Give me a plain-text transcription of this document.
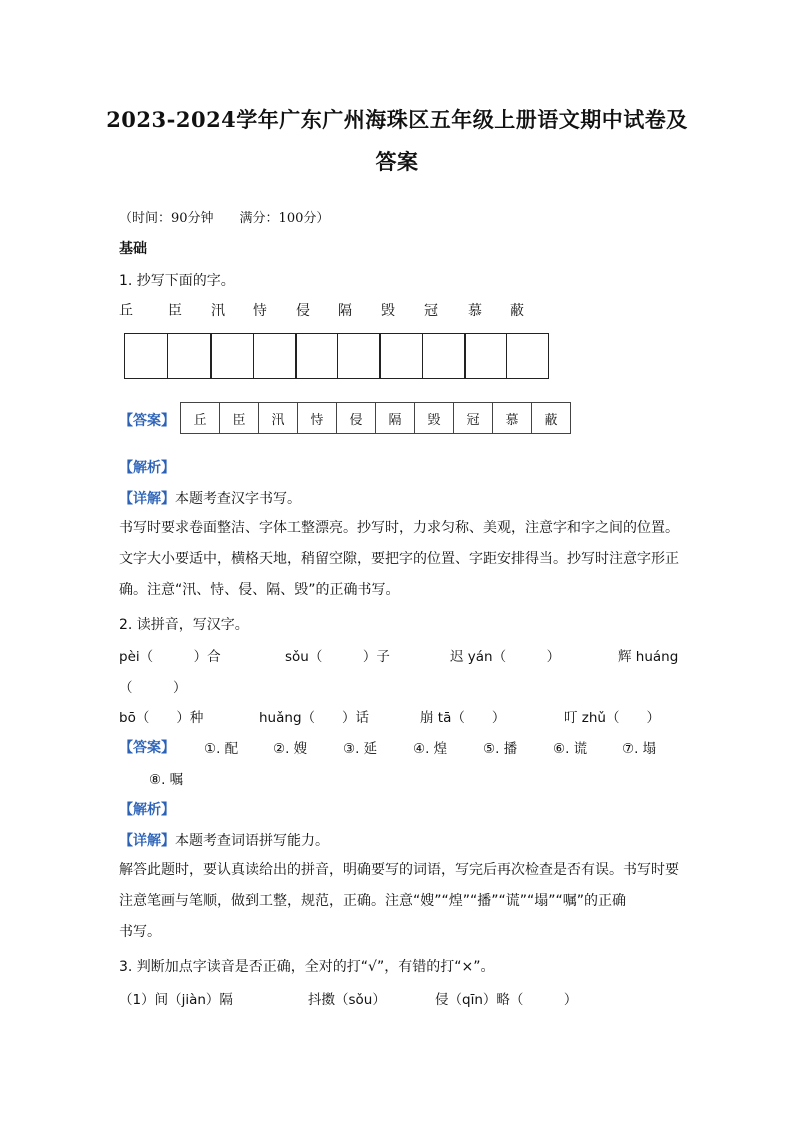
2023-2024学年广东广州海珠区五年级上册语文期中试卷及
答案
（时间：90分钟　　满分：100分）
基础
1. 抄写下面的字。
丘	臣 汛 恃 侵 隔 毁 冠 慕 蔽
【答案】	丘	臣	汛	恃	侵	隔	毁	冠	慕	蔽
【解析】
【详解】本题考查汉字书写。
书写时要求卷面整洁、字体工整漂亮。抄写时，力求匀称、美观，注意字和字之间的位置。
文字大小要适中，横格天地，稍留空隙，要把字的位置、字距安排得当。抄写时注意字形正
确。注意“汛、恃、侵、隔、毁”的正确书写。
2. 读拼音，写汉字。
pèi（　　　）合	sǒu（　　　）子	迟 yán（　　　）	辉 huáng
（　　　）
bō（　　）种	huǎng（　　）话	崩 tā（　　）	叮 zhǔ（　　）
【答案】 ①. 配	②. 嫂	③. 延	④. 煌	⑤. 播	⑥. 谎	⑦. 塌
⑧. 嘱
【解析】
【详解】本题考查词语拼写能力。
解答此题时，要认真读给出的拼音，明确要写的词语，写完后再次检查是否有误。书写时要
注意笔画与笔顺，做到工整，规范，正确。注意“嫂”“煌”“播”“谎”“塌”“嘱”的正确
书写。
3. 判断加点字读音是否正确，全对的打“√”，有错的打“×”。
（1）间（jiàn）隔	抖擞（sǒu）	侵（qīn）略（　　　）
